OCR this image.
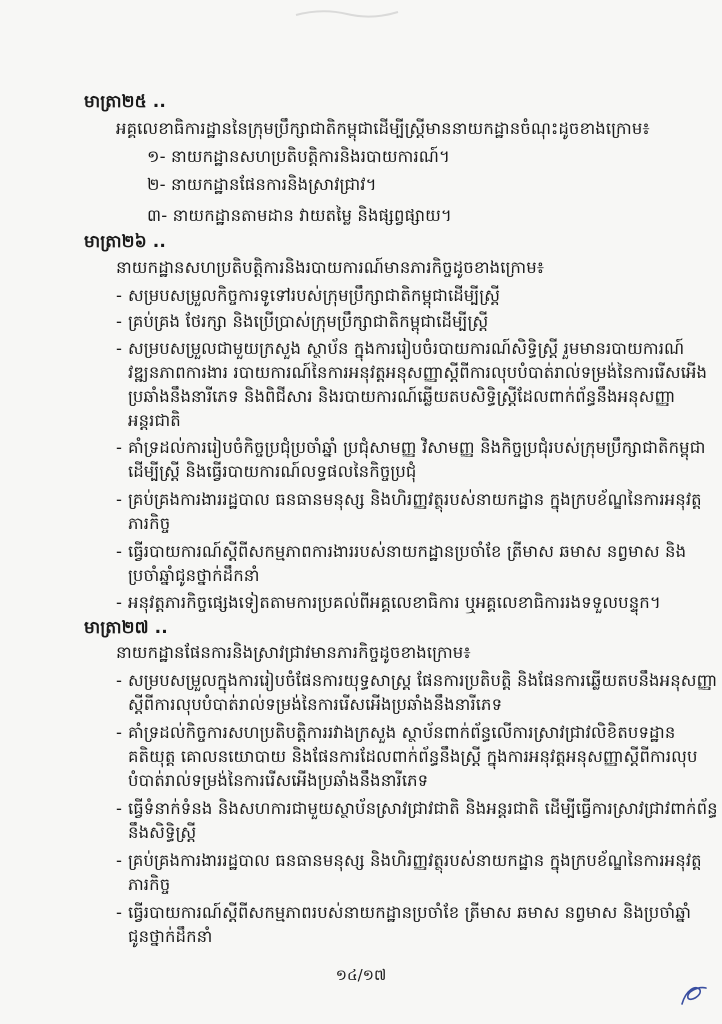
មាត្រា២៥ ..
អគ្គលេខាធិការដ្ឋាននៃក្រុមប្រឹក្សាជាតិកម្ពុជាដើម្បីស្ត្រីមាននាយកដ្ឋានចំណុះដូចខាងក្រោម៖
១- នាយកដ្ឋានសហប្រតិបត្តិការនិងរបាយការណ៍។
២- នាយកដ្ឋានផែនការនិងស្រាវជ្រាវ។
៣- នាយកដ្ឋានតាមដាន វាយតម្លៃ និងផ្សព្វផ្សាយ។
មាត្រា២៦ ..
នាយកដ្ឋានសហប្រតិបត្តិការនិងរបាយការណ៍មានភារកិច្ចដូចខាងក្រោម៖
- សម្របសម្រួលកិច្ចការទូទៅរបស់ក្រុមប្រឹក្សាជាតិកម្ពុជាដើម្បីស្ត្រី
- គ្រប់គ្រង ថែរក្សា និងប្រើប្រាស់ក្រុមប្រឹក្សាជាតិកម្ពុជាដើម្បីស្ត្រី
- សម្របសម្រួលជាមួយក្រសួង ស្ថាប័ន ក្នុងការរៀបចំរបាយការណ៍សិទ្ធិស្ត្រី រួមមានរបាយការណ៍
វឌ្ឍនភាពការងារ របាយការណ៍នៃការអនុវត្តអនុសញ្ញាស្តីពីការលុបបំបាត់រាល់ទម្រង់នៃការរើសអើង
ប្រឆាំងនឹងនារីភេទ និងពិជីសារ និងរបាយការណ៍ឆ្លើយតបសិទ្ធិស្ត្រីដែលពាក់ព័ន្ធនឹងអនុសញ្ញា
អន្តរជាតិ
- គាំទ្រដល់ការរៀបចំកិច្ចប្រជុំប្រចាំឆ្នាំ ប្រជុំសាមញ្ញ វិសាមញ្ញ និងកិច្ចប្រជុំរបស់ក្រុមប្រឹក្សាជាតិកម្ពុជា
ដើម្បីស្ត្រី និងធ្វើរបាយការណ៍លទ្ធផលនៃកិច្ចប្រជុំ
- គ្រប់គ្រងការងាររដ្ឋបាល ធនធានមនុស្ស និងហិរញ្ញវត្ថុរបស់នាយកដ្ឋាន ក្នុងក្របខ័ណ្ឌនៃការអនុវត្ត
ភារកិច្ច
- ធ្វើរបាយការណ៍ស្តីពីសកម្មភាពការងាររបស់នាយកដ្ឋានប្រចាំខែ ត្រីមាស ឆមាស នព្វមាស និង
ប្រចាំឆ្នាំជូនថ្នាក់ដឹកនាំ
- អនុវត្តភារកិច្ចផ្សេងទៀតតាមការប្រគល់ពីអគ្គលេខាធិការ ឬអគ្គលេខាធិការរងទទួលបន្ទុក។
មាត្រា២៧ ..
នាយកដ្ឋានផែនការនិងស្រាវជ្រាវមានភារកិច្ចដូចខាងក្រោម៖
- សម្របសម្រួលក្នុងការរៀបចំផែនការយុទ្ធសាស្ត្រ ផែនការប្រតិបត្តិ និងផែនការឆ្លើយតបនឹងអនុសញ្ញា
ស្តីពីការលុបបំបាត់រាល់ទម្រង់នៃការរើសអើងប្រឆាំងនឹងនារីភេទ
- គាំទ្រដល់កិច្ចការសហប្រតិបត្តិការរវាងក្រសួង ស្ថាប័នពាក់ព័ន្ធលើការស្រាវជ្រាវលិខិតបទដ្ឋាន
គតិយុត្ត គោលនយោបាយ និងផែនការដែលពាក់ព័ន្ធនឹងស្ត្រី ក្នុងការអនុវត្តអនុសញ្ញាស្តីពីការលុប
បំបាត់រាល់ទម្រង់នៃការរើសអើងប្រឆាំងនឹងនារីភេទ
- ធ្វើទំនាក់ទំនង និងសហការជាមួយស្ថាប័នស្រាវជ្រាវជាតិ និងអន្តរជាតិ ដើម្បីធ្វើការស្រាវជ្រាវពាក់ព័ន្ធ
នឹងសិទ្ធិស្ត្រី
- គ្រប់គ្រងការងាររដ្ឋបាល ធនធានមនុស្ស និងហិរញ្ញវត្ថុរបស់នាយកដ្ឋាន ក្នុងក្របខ័ណ្ឌនៃការអនុវត្ត
ភារកិច្ច
- ធ្វើរបាយការណ៍ស្តីពីសកម្មភាពរបស់នាយកដ្ឋានប្រចាំខែ ត្រីមាស ឆមាស នព្វមាស និងប្រចាំឆ្នាំ
ជូនថ្នាក់ដឹកនាំ
១៤/១៧
